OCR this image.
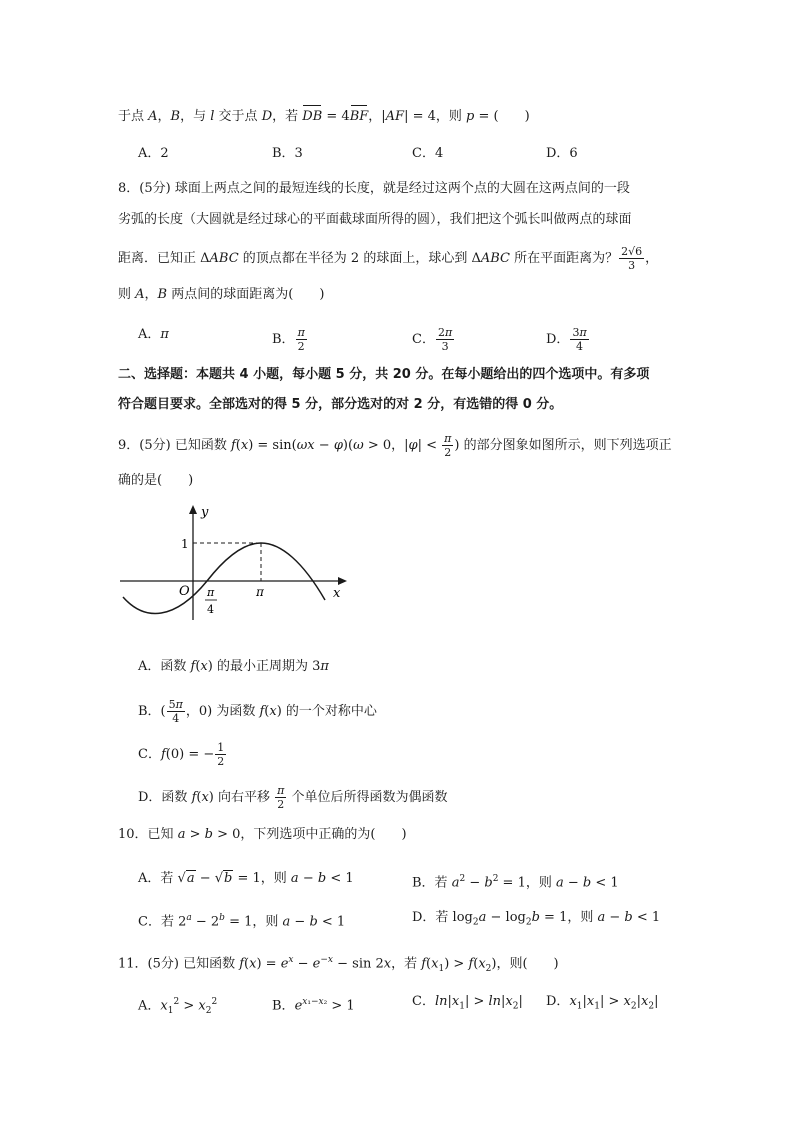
于点 A，B，与 l 交于点 D，若 DB = 4BF，|AF| = 4，则 p = (　　)
A．2	B．3	C．4	D．6
8．(5分) 球面上两点之间的最短连线的长度，就是经过这两个点的大圆在这两点间的一段
劣弧的长度（大圆就是经过球心的平面截球面所得的圆），我们把这个弧长叫做两点的球面
距离．已知正 ΔABC 的顶点都在半径为 2 的球面上，球心到 ΔABC 所在平面距离为？ $\frac{2√6}{3}$ ，
则 A，B 两点间的球面距离为(　　)
A．π	B． $\frac{\pi}{2}$	C． $\frac{2\pi}{3}$	D． $\frac{3\pi}{4}$
二、选择题：本题共 4 小题，每小题 5 分，共 20 分。在每小题给出的四个选项中。有多项
符合题目要求。全部选对的得 5 分，部分选对的对 2 分，有选错的得 0 分。
9．(5分) 已知函数 f(x) = sin(ωx − φ)(ω > 0，$|\varphi| < \frac{\pi}{2}$ ) 的部分图象如图所示，则下列选项正
确的是(　　)
y
x
O
1
π
4
π
A．函数 f(x) 的最小正周期为 3π
B．( $\frac{5\pi}{4}$ ，0) 为函数 f(x) 的一个对称中心
C．f(0) = − $\frac{1}{2}$
D．函数 f(x) 向右平移 $\frac{\pi}{2}$ 个单位后所得函数为偶函数
10．已知 a > b > 0，下列选项中正确的为(　　)
A．若 √a − √b = 1，则 a − b < 1	B．若 $a^2 - b^2 = 1$，则 a − b < 1
C．若 $2^a - 2^b = 1$，则 a − b < 1	D．若 $\log_2a - \log_2b = 1$，则 a − b < 1
11．(5分) 已知函数 $f(x) = e^x - e^{-x} - \sin 2x$，若 $f(x_1) > f(x_2)$，则(　　)
A．$x_1^2 > x_2^2$	B．$e^{x_1-x_2} > 1$	C．$\ln|x_1| > \ln|x_2|$ D．$x_1|x_1| > x_2|x_2|$
